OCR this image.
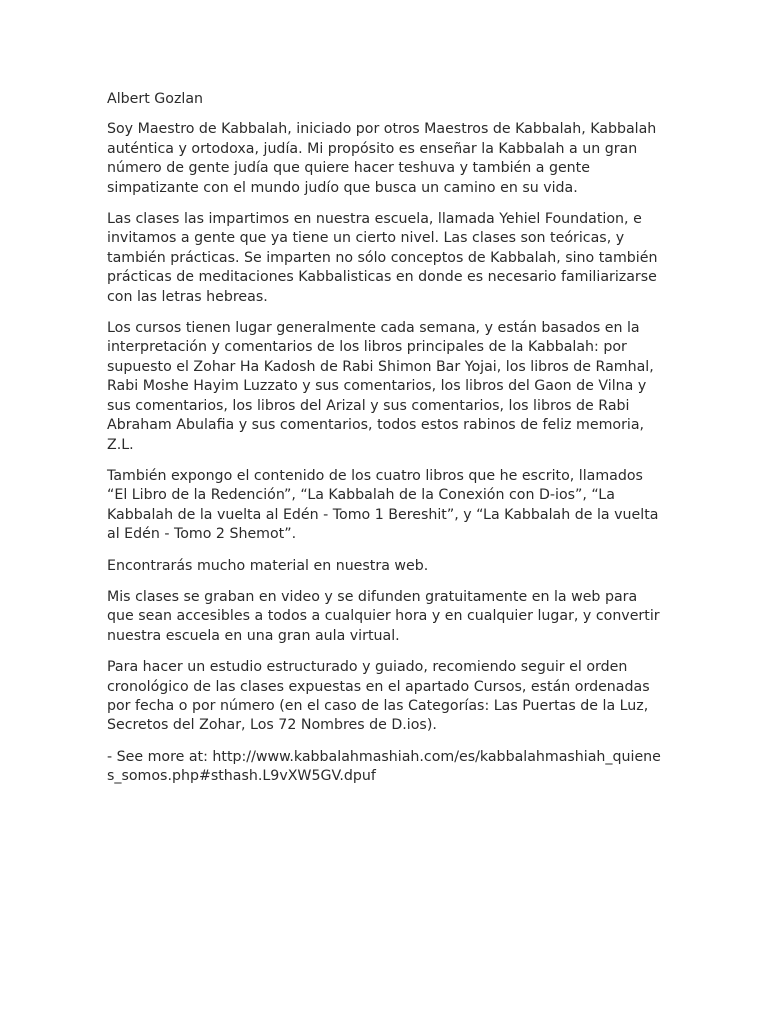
Albert Gozlan

Soy Maestro de Kabbalah, iniciado por otros Maestros de Kabbalah, Kabbalah auténtica y ortodoxa, judía. Mi propósito es enseñar la Kabbalah a un gran número de gente judía que quiere hacer teshuva y también a gente simpatizante con el mundo judío que busca un camino en su vida.

Las clases las impartimos en nuestra escuela, llamada Yehiel Foundation, e invitamos a gente que ya tiene un cierto nivel. Las clases son teóricas, y también prácticas. Se imparten no sólo conceptos de Kabbalah, sino también prácticas de meditaciones Kabbalisticas en donde es necesario familiarizarse con las letras hebreas.

Los cursos tienen lugar generalmente cada semana, y están basados en la interpretación y comentarios de los libros principales de la Kabbalah: por supuesto el Zohar Ha Kadosh de Rabi Shimon Bar Yojai, los libros de Ramhal, Rabi Moshe Hayim Luzzato y sus comentarios, los libros del Gaon de Vilna y sus comentarios, los libros del Arizal y sus comentarios, los libros de Rabi Abraham Abulafia y sus comentarios, todos estos rabinos de feliz memoria, Z.L.

También expongo el contenido de los cuatro libros que he escrito, llamados “El Libro de la Redención”, “La Kabbalah de la Conexión con D-ios”, “La Kabbalah de la vuelta al Edén - Tomo 1 Bereshit”, y “La Kabbalah de la vuelta al Edén - Tomo 2 Shemot”.

Encontrarás mucho material en nuestra web.

Mis clases se graban en video y se difunden gratuitamente en la web para que sean accesibles a todos a cualquier hora y en cualquier lugar, y convertir nuestra escuela en una gran aula virtual.

Para hacer un estudio estructurado y guiado, recomiendo seguir el orden cronológico de las clases expuestas en el apartado Cursos, están ordenadas por fecha o por número (en el caso de las Categorías: Las Puertas de la Luz, Secretos del Zohar, Los 72 Nombres de D.ios).

- See more at: http://www.kabbalahmashiah.com/es/kabbalahmashiah_quienes_somos.php#sthash.L9vXW5GV.dpuf
